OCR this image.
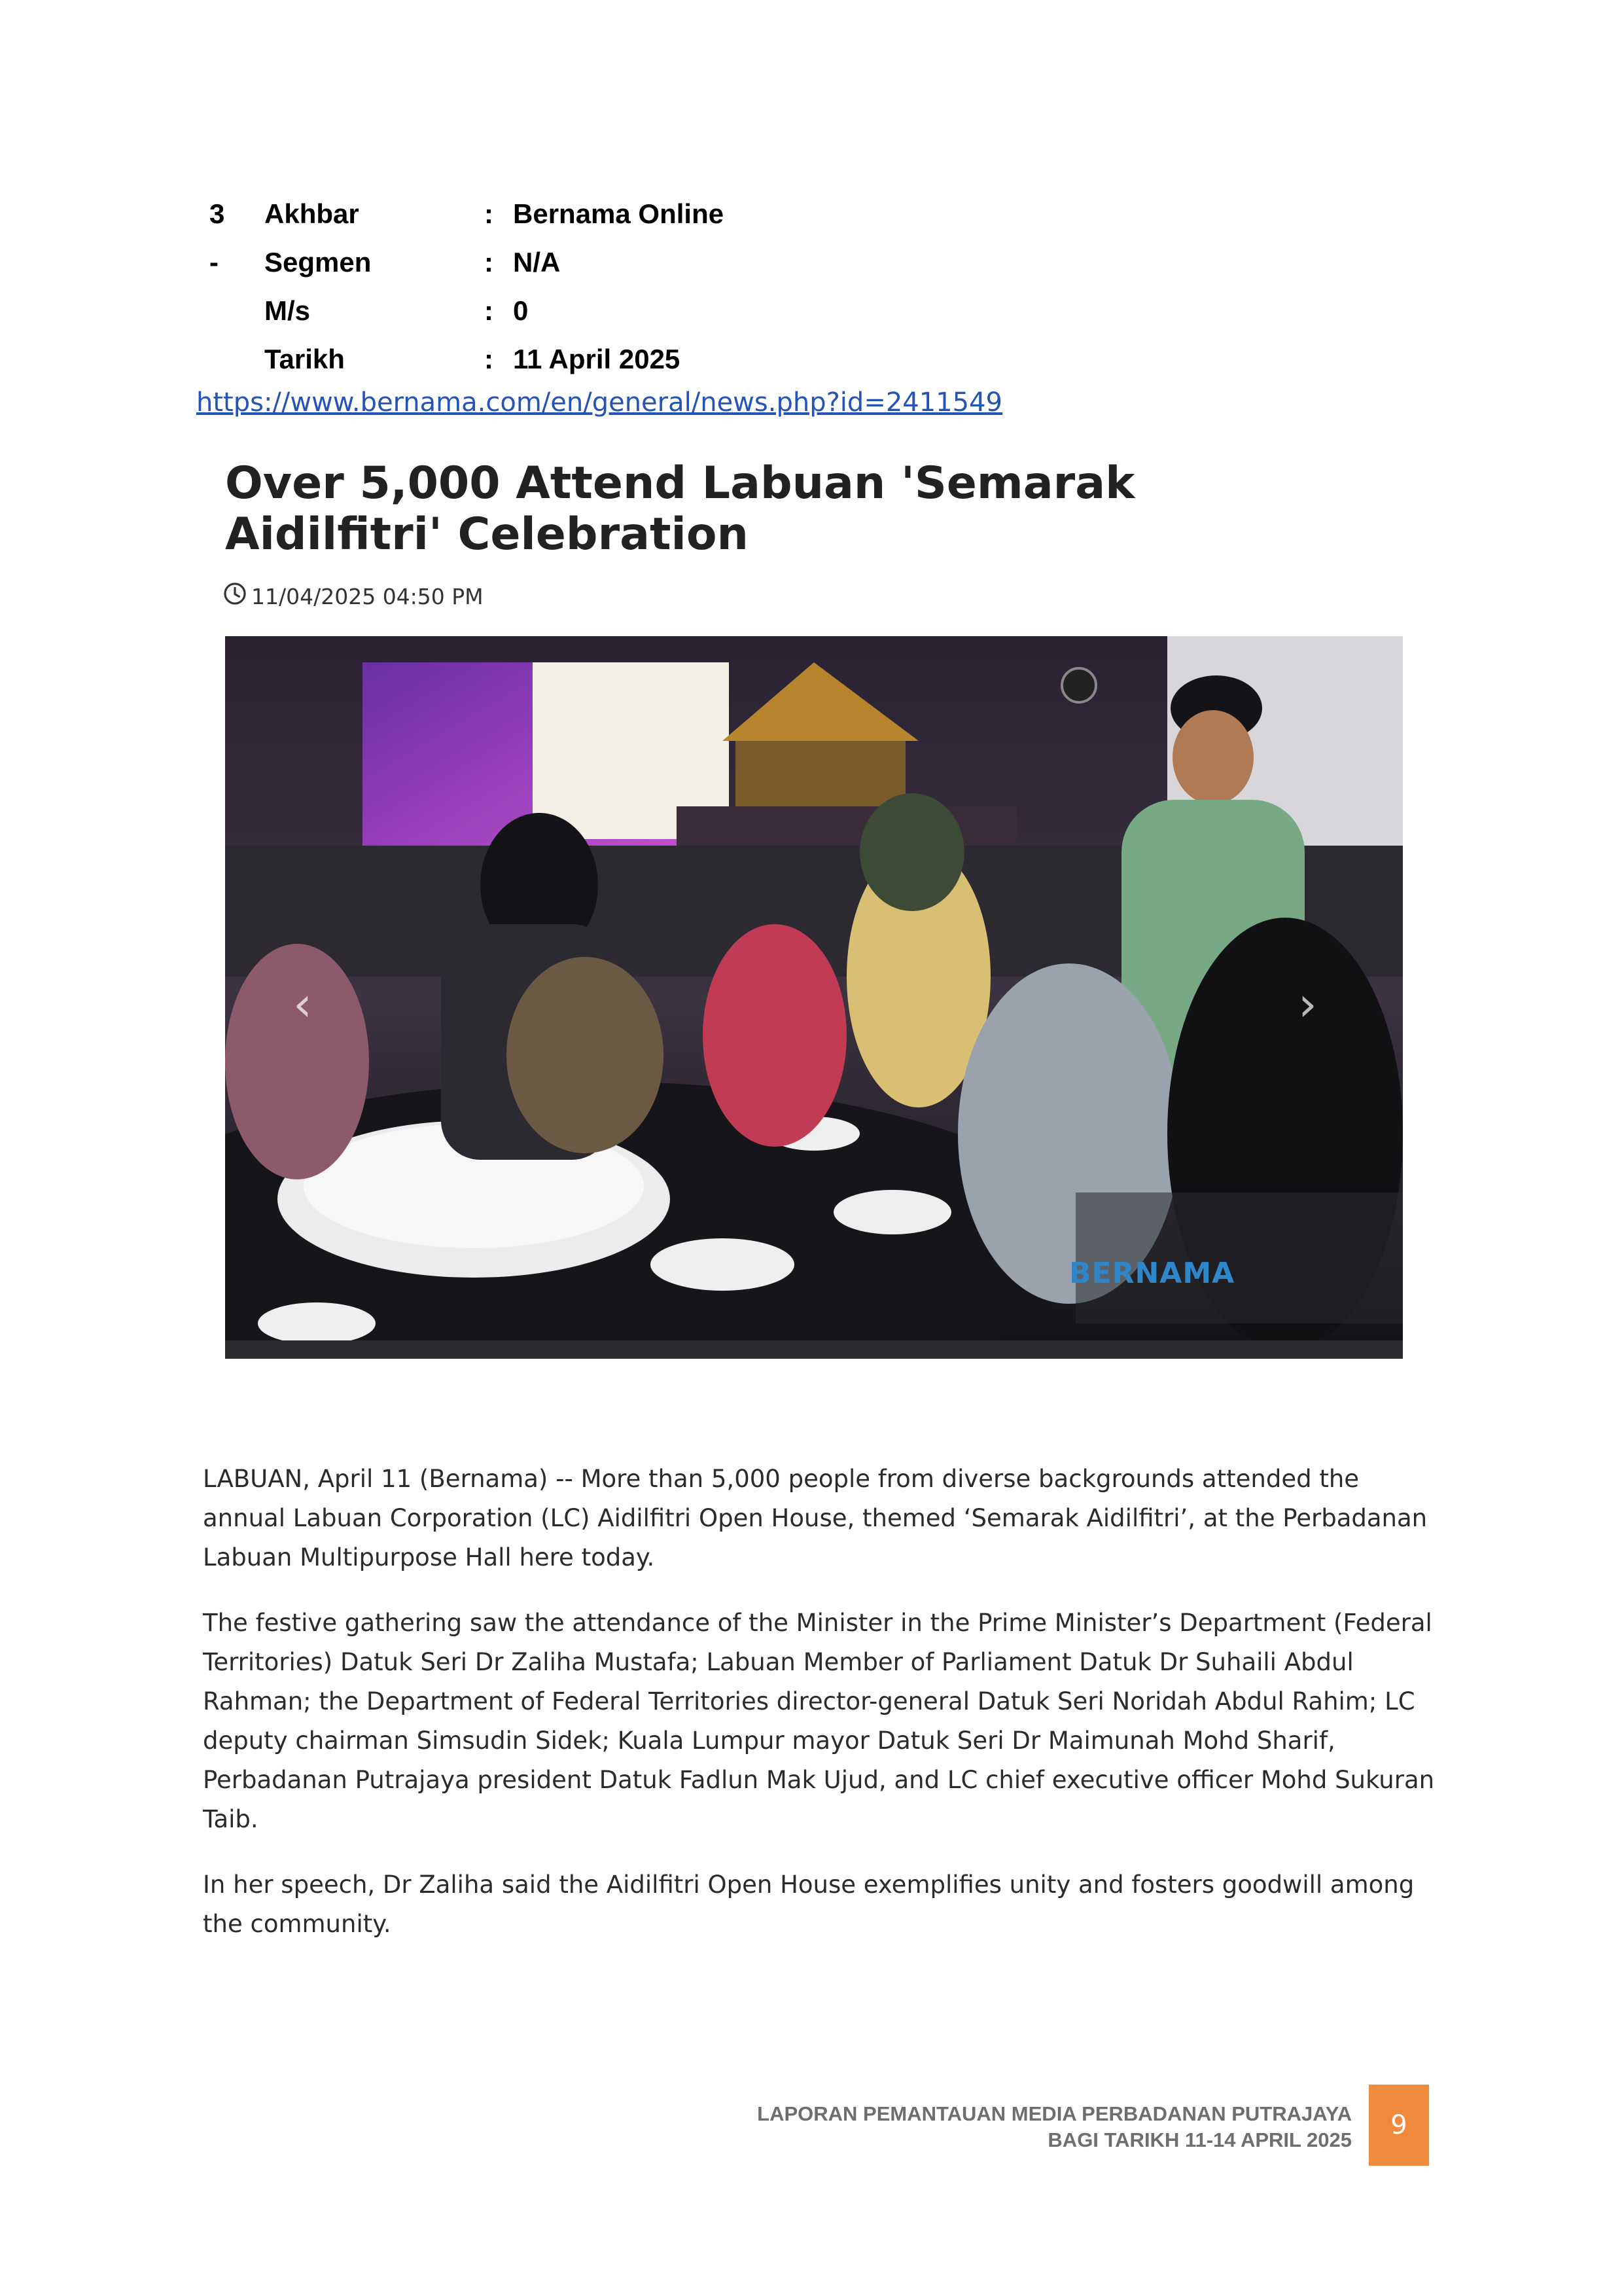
3 -
Akhbar	: Bernama Online
Segmen	: N/A
M/s	: 0
Tarikh	: 11 April 2025
https://www.bernama.com/en/general/news.php?id=2411549
Over 5,000 Attend Labuan 'Semarak Aidilfitri' Celebration
11/04/2025 04:50 PM
‹	›
BERNAMA

LABUAN, April 11 (Bernama) -- More than 5,000 people from diverse backgrounds attended the annual Labuan Corporation (LC) Aidilfitri Open House, themed ‘Semarak Aidilfitri’, at the Perbadanan Labuan Multipurpose Hall here today.

The festive gathering saw the attendance of the Minister in the Prime Minister’s Department (Federal Territories) Datuk Seri Dr Zaliha Mustafa; Labuan Member of Parliament Datuk Dr Suhaili Abdul Rahman; the Department of Federal Territories director-general Datuk Seri Noridah Abdul Rahim; LC deputy chairman Simsudin Sidek; Kuala Lumpur mayor Datuk Seri Dr Maimunah Mohd Sharif, Perbadanan Putrajaya president Datuk Fadlun Mak Ujud, and LC chief executive officer Mohd Sukuran Taib.

In her speech, Dr Zaliha said the Aidilfitri Open House exemplifies unity and fosters goodwill among the community.

LAPORAN PEMANTAUAN MEDIA PERBADANAN PUTRAJAYA
BAGI TARIKH 11-14 APRIL 2025	9
